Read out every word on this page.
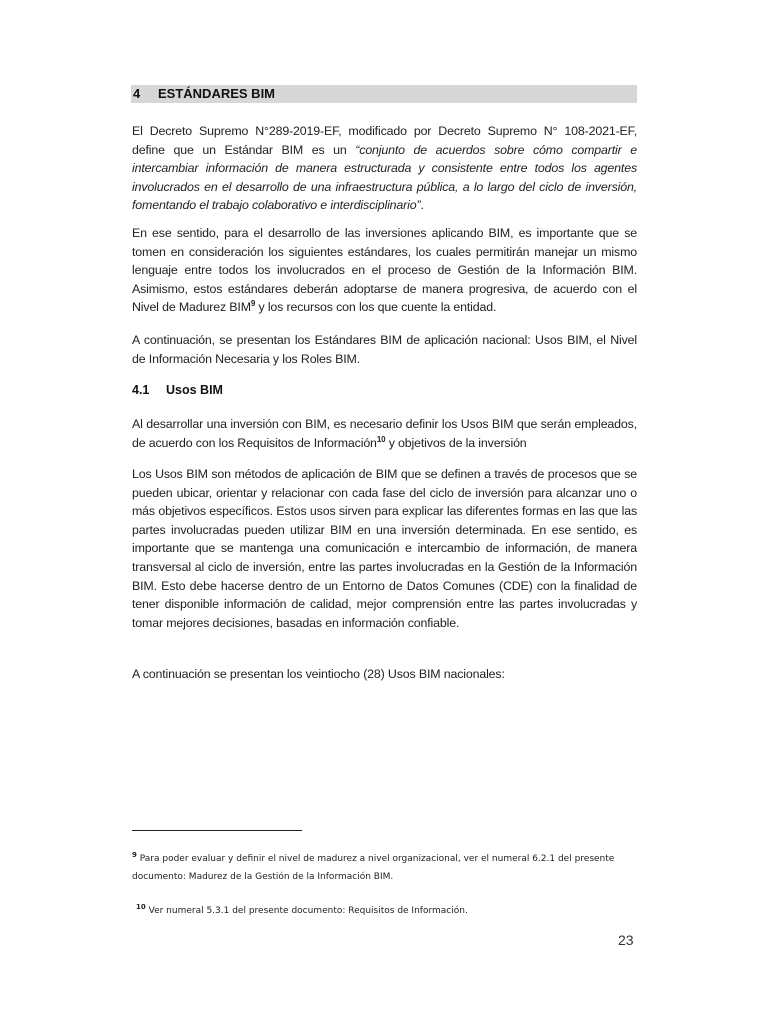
4 ESTÁNDARES BIM
El Decreto Supremo N°289-2019-EF, modificado por Decreto Supremo N° 108-2021-EF, define que un Estándar BIM es un “conjunto de acuerdos sobre cómo compartir e intercambiar información de manera estructurada y consistente entre todos los agentes involucrados en el desarrollo de una infraestructura pública, a lo largo del ciclo de inversión, fomentando el trabajo colaborativo e interdisciplinario”.
En ese sentido, para el desarrollo de las inversiones aplicando BIM, es importante que se tomen en consideración los siguientes estándares, los cuales permitirán manejar un mismo lenguaje entre todos los involucrados en el proceso de Gestión de la Información BIM. Asimismo, estos estándares deberán adoptarse de manera progresiva, de acuerdo con el Nivel de Madurez BIM$^9$ y los recursos con los que cuente la entidad.
A continuación, se presentan los Estándares BIM de aplicación nacional: Usos BIM, el Nivel de Información Necesaria y los Roles BIM.
4.1 Usos BIM
Al desarrollar una inversión con BIM, es necesario definir los Usos BIM que serán empleados, de acuerdo con los Requisitos de Información$^{10}$ y objetivos de la inversión
Los Usos BIM son métodos de aplicación de BIM que se definen a través de procesos que se pueden ubicar, orientar y relacionar con cada fase del ciclo de inversión para alcanzar uno o más objetivos específicos. Estos usos sirven para explicar las diferentes formas en las que las partes involucradas pueden utilizar BIM en una inversión determinada. En ese sentido, es importante que se mantenga una comunicación e intercambio de información, de manera transversal al ciclo de inversión, entre las partes involucradas en la Gestión de la Información BIM. Esto debe hacerse dentro de un Entorno de Datos Comunes (CDE) con la finalidad de tener disponible información de calidad, mejor comprensión entre las partes involucradas y tomar mejores decisiones, basadas en información confiable.
A continuación se presentan los veintiocho (28) Usos BIM nacionales:
$^9$ Para poder evaluar y definir el nivel de madurez a nivel organizacional, ver el numeral 6.2.1 del presente documento: Madurez de la Gestión de la Información BIM.
$^{10}$ Ver numeral 5.3.1 del presente documento: Requisitos de Información.
23
